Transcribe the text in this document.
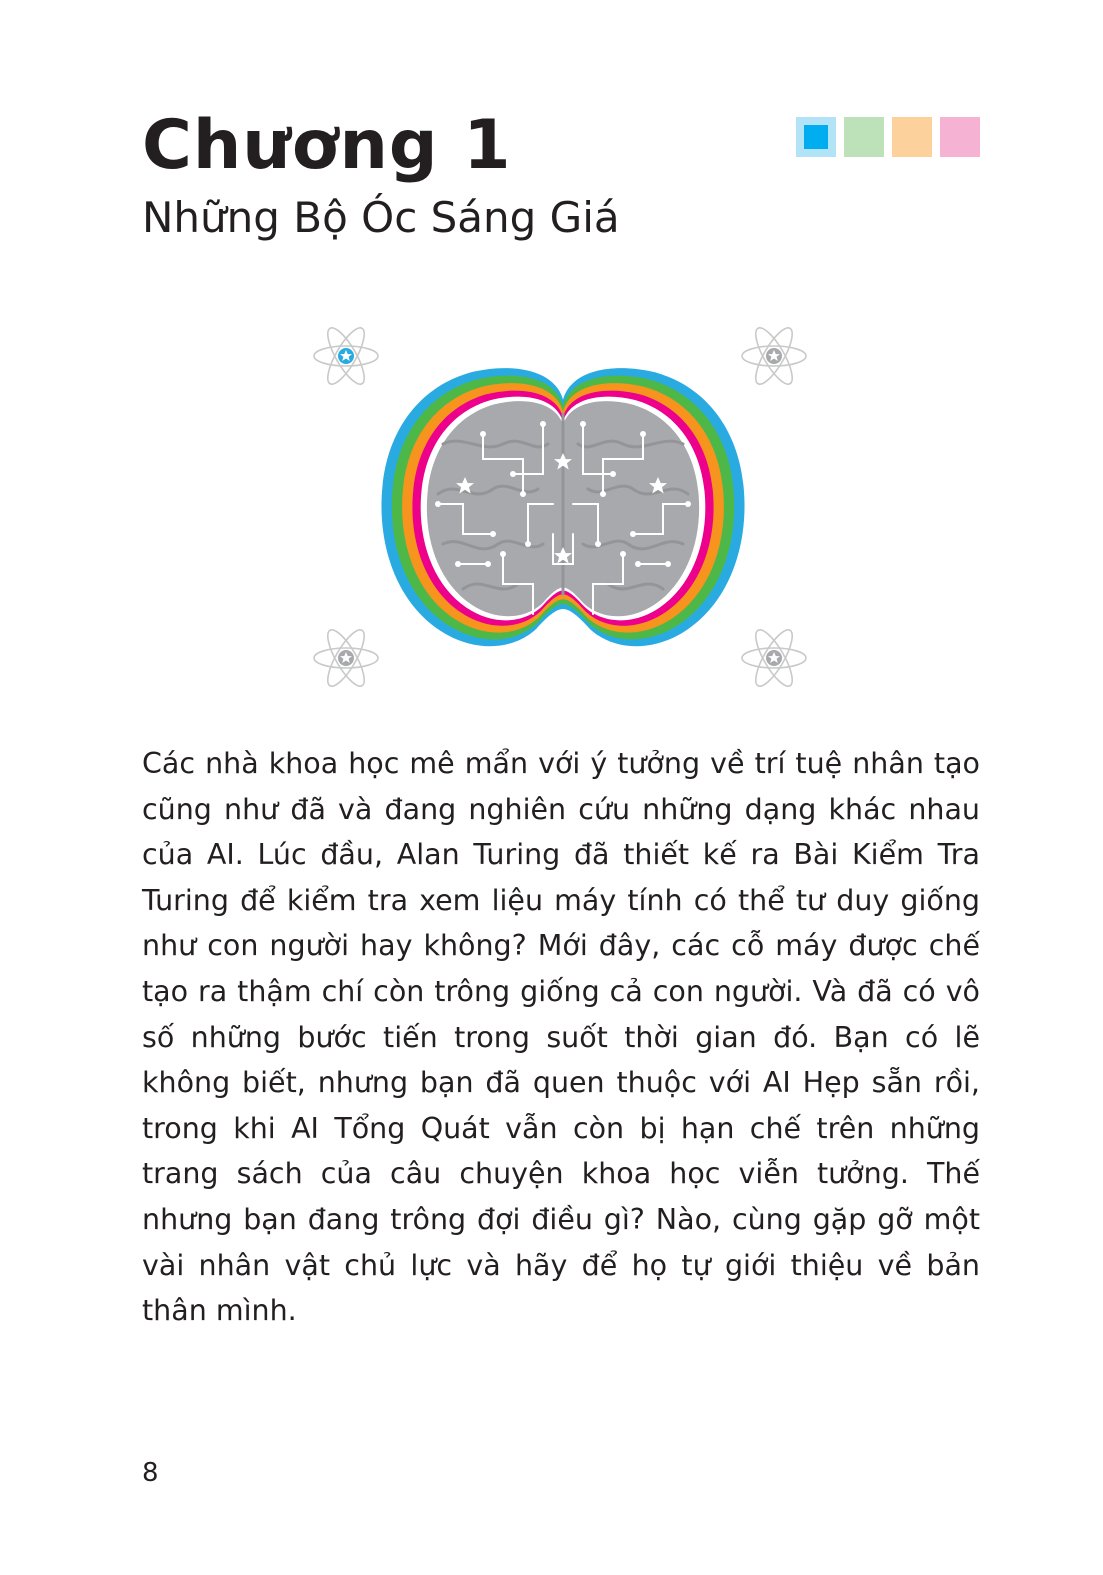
Chương 1
Những Bộ Óc Sáng Giá

Các nhà khoa học mê mẩn với ý tưởng về trí tuệ nhân tạo cũng như đã và đang nghiên cứu những dạng khác nhau của AI. Lúc đầu, Alan Turing đã thiết kế ra Bài Kiểm Tra Turing để kiểm tra xem liệu máy tính có thể tư duy giống như con người hay không? Mới đây, các cỗ máy được chế tạo ra thậm chí còn trông giống cả con người. Và đã có vô số những bước tiến trong suốt thời gian đó. Bạn có lẽ không biết, nhưng bạn đã quen thuộc với AI Hẹp sẵn rồi, trong khi AI Tổng Quát vẫn còn bị hạn chế trên những trang sách của câu chuyện khoa học viễn tưởng. Thế nhưng bạn đang trông đợi điều gì? Nào, cùng gặp gỡ một vài nhân vật chủ lực và hãy để họ tự giới thiệu về bản thân mình.

8
